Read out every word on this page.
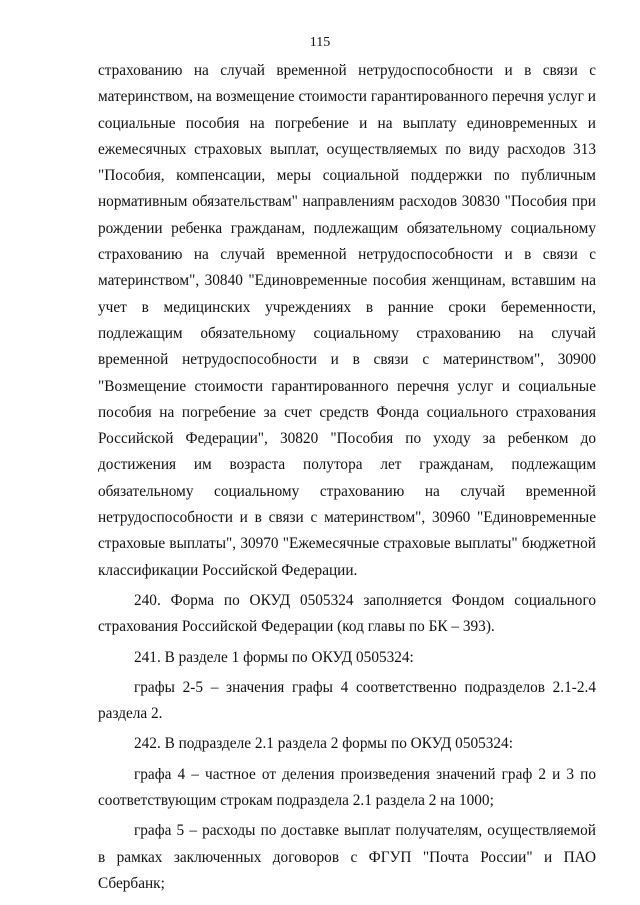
115

страхованию на случай временной нетрудоспособности и в связи с материнством, на возмещение стоимости гарантированного перечня услуг и социальные пособия на погребение и на выплату единовременных и ежемесячных страховых выплат, осуществляемых по виду расходов 313 "Пособия, компенсации, меры социальной поддержки по публичным нормативным обязательствам" направлениям расходов 30830 "Пособия при рождении ребенка гражданам, подлежащим обязательному социальному страхованию на случай временной нетрудоспособности и в связи с материнством", 30840 "Единовременные пособия женщинам, вставшим на учет в медицинских учреждениях в ранние сроки беременности, подлежащим обязательному социальному страхованию на случай временной нетрудоспособности и в связи с материнством", 30900 "Возмещение стоимости гарантированного перечня услуг и социальные пособия на погребение за счет средств Фонда социального страхования Российской Федерации", 30820 "Пособия по уходу за ребенком до достижения им возраста полутора лет гражданам, подлежащим обязательному социальному страхованию на случай временной нетрудоспособности и в связи с материнством", 30960 "Единовременные страховые выплаты", 30970 "Ежемесячные страховые выплаты" бюджетной классификации Российской Федерации.

240. Форма по ОКУД 0505324 заполняется Фондом социального страхования Российской Федерации (код главы по БК – 393).

241. В разделе 1 формы по ОКУД 0505324:

графы 2-5 – значения графы 4 соответственно подразделов 2.1-2.4 раздела 2.

242. В подразделе 2.1 раздела 2 формы по ОКУД 0505324:

графа 4 – частное от деления произведения значений граф 2 и 3 по соответствующим строкам подраздела 2.1 раздела 2 на 1000;

графа 5 – расходы по доставке выплат получателям, осуществляемой в рамках заключенных договоров с ФГУП "Почта России" и ПАО Сбербанк;
